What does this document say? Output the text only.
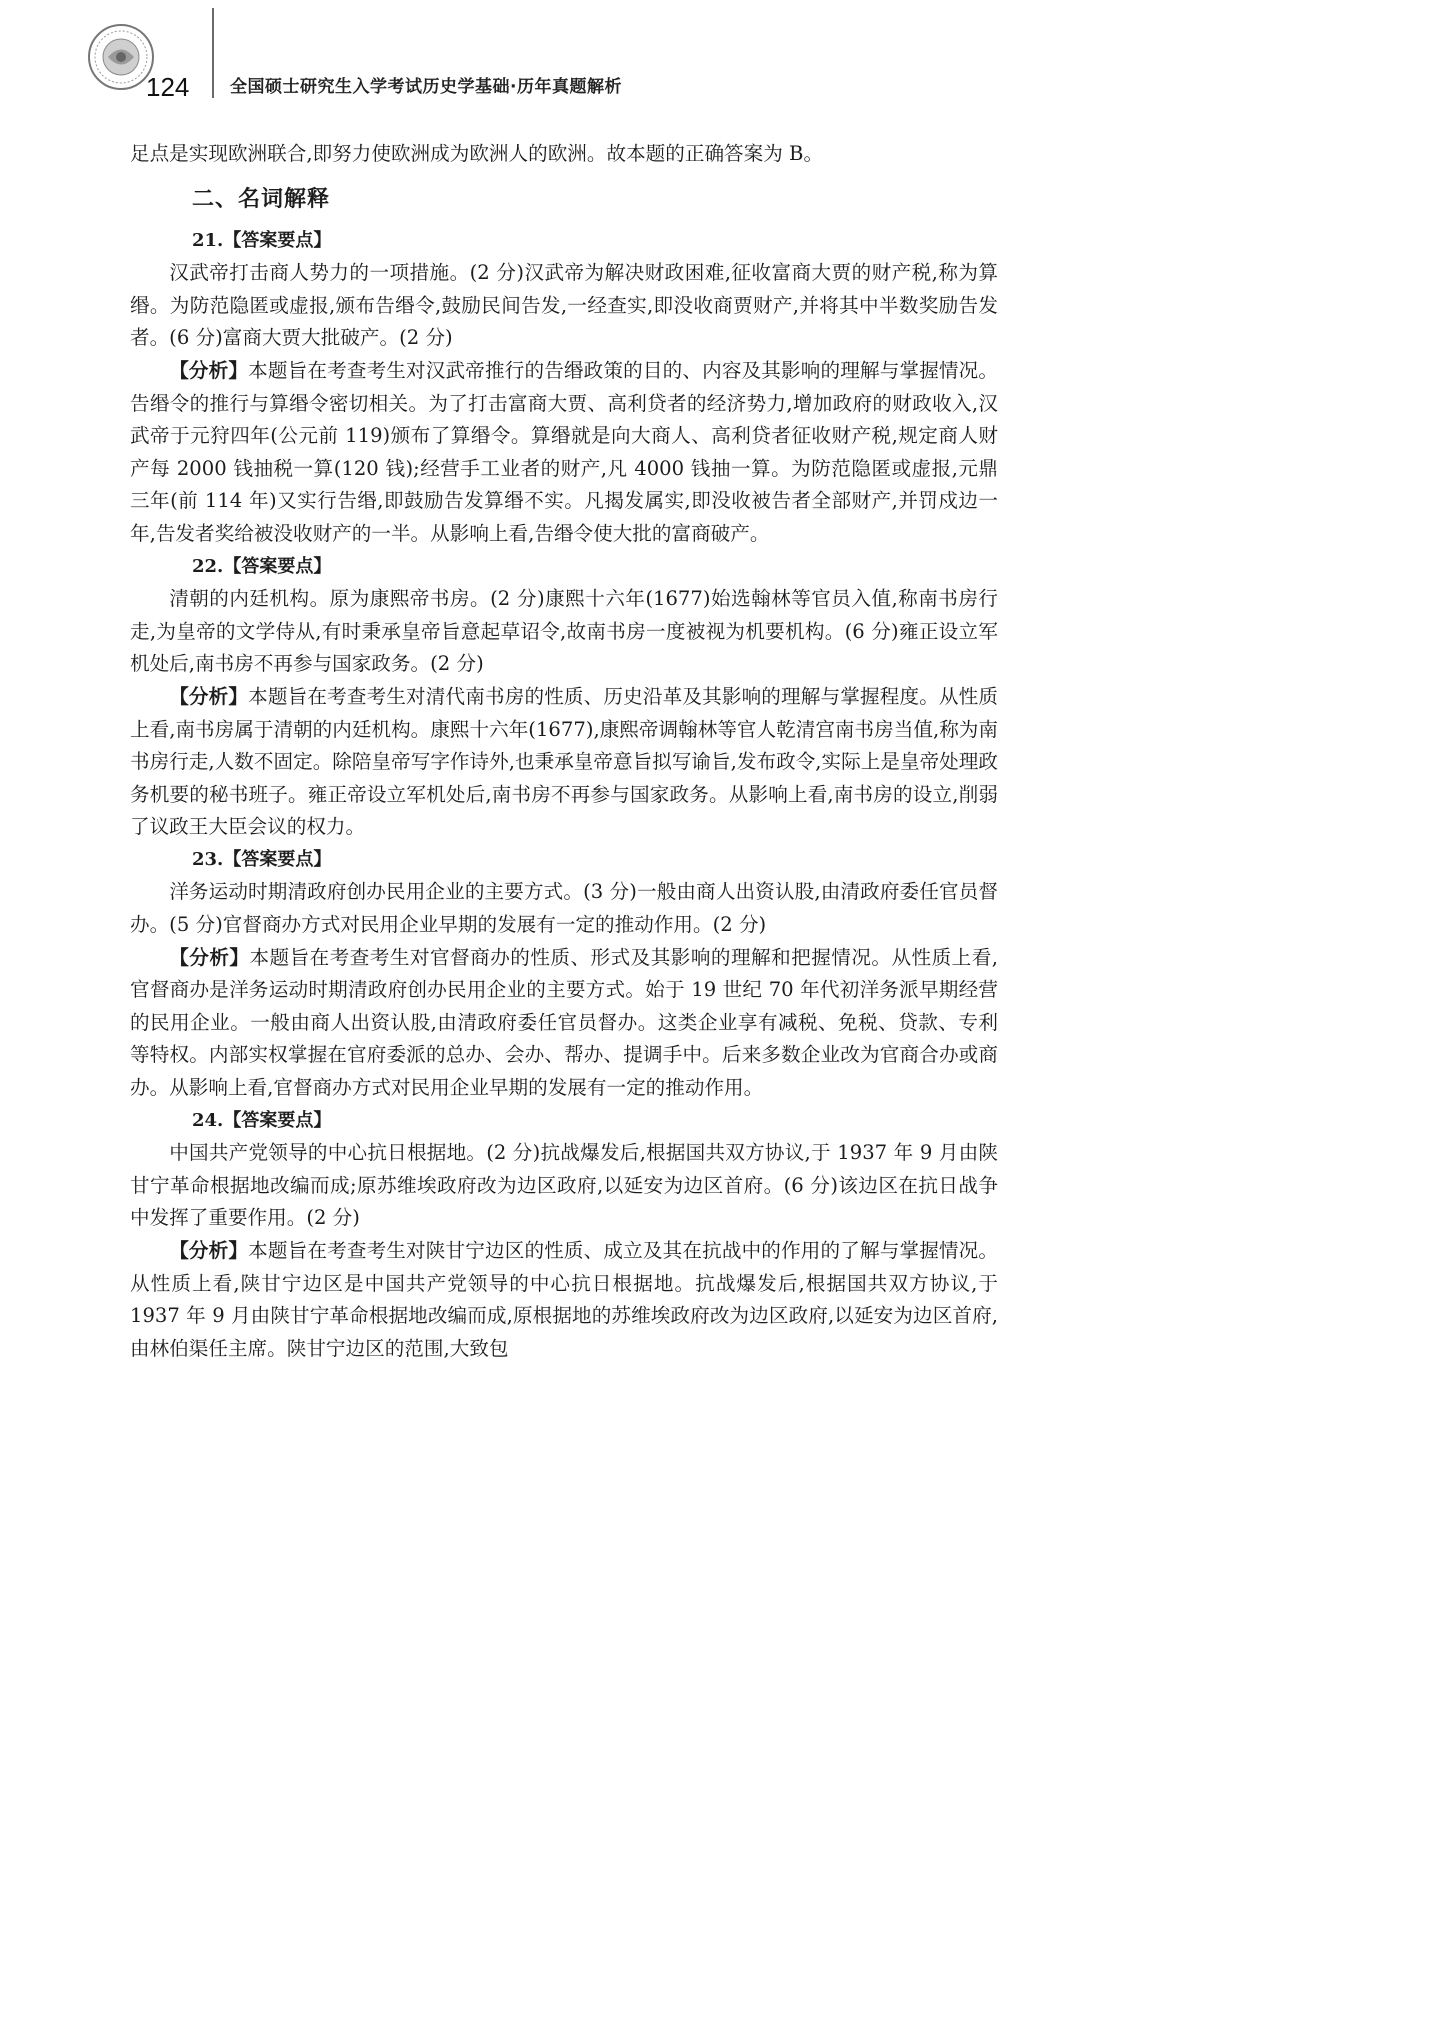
124 全国硕士研究生入学考试历史学基础·历年真题解析

足点是实现欧洲联合,即努力使欧洲成为欧洲人的欧洲。故本题的正确答案为 B。

二、名词解释

21.【答案要点】

汉武帝打击商人势力的一项措施。(2 分)汉武帝为解决财政困难,征收富商大贾的财产税,称为算缗。为防范隐匿或虚报,颁布告缗令,鼓励民间告发,一经查实,即没收商贾财产,并将其中半数奖励告发者。(6 分)富商大贾大批破产。(2 分)

【分析】本题旨在考查考生对汉武帝推行的告缗政策的目的、内容及其影响的理解与掌握情况。告缗令的推行与算缗令密切相关。为了打击富商大贾、高利贷者的经济势力,增加政府的财政收入,汉武帝于元狩四年(公元前 119)颁布了算缗令。算缗就是向大商人、高利贷者征收财产税,规定商人财产每 2000 钱抽税一算(120 钱);经营手工业者的财产,凡 4000 钱抽一算。为防范隐匿或虚报,元鼎三年(前 114 年)又实行告缗,即鼓励告发算缗不实。凡揭发属实,即没收被告者全部财产,并罚戍边一年,告发者奖给被没收财产的一半。从影响上看,告缗令使大批的富商破产。

22.【答案要点】

清朝的内廷机构。原为康熙帝书房。(2 分)康熙十六年(1677)始选翰林等官员入值,称南书房行走,为皇帝的文学侍从,有时秉承皇帝旨意起草诏令,故南书房一度被视为机要机构。(6 分)雍正设立军机处后,南书房不再参与国家政务。(2 分)

【分析】本题旨在考查考生对清代南书房的性质、历史沿革及其影响的理解与掌握程度。从性质上看,南书房属于清朝的内廷机构。康熙十六年(1677),康熙帝调翰林等官人乾清宫南书房当值,称为南书房行走,人数不固定。除陪皇帝写字作诗外,也秉承皇帝意旨拟写谕旨,发布政令,实际上是皇帝处理政务机要的秘书班子。雍正帝设立军机处后,南书房不再参与国家政务。从影响上看,南书房的设立,削弱了议政王大臣会议的权力。

23.【答案要点】

洋务运动时期清政府创办民用企业的主要方式。(3 分)一般由商人出资认股,由清政府委任官员督办。(5 分)官督商办方式对民用企业早期的发展有一定的推动作用。(2 分)

【分析】本题旨在考查考生对官督商办的性质、形式及其影响的理解和把握情况。从性质上看,官督商办是洋务运动时期清政府创办民用企业的主要方式。始于 19 世纪 70 年代初洋务派早期经营的民用企业。一般由商人出资认股,由清政府委任官员督办。这类企业享有减税、免税、贷款、专利等特权。内部实权掌握在官府委派的总办、会办、帮办、提调手中。后来多数企业改为官商合办或商办。从影响上看,官督商办方式对民用企业早期的发展有一定的推动作用。

24.【答案要点】

中国共产党领导的中心抗日根据地。(2 分)抗战爆发后,根据国共双方协议,于 1937 年 9 月由陕甘宁革命根据地改编而成;原苏维埃政府改为边区政府,以延安为边区首府。(6 分)该边区在抗日战争中发挥了重要作用。(2 分)

【分析】本题旨在考查考生对陕甘宁边区的性质、成立及其在抗战中的作用的了解与掌握情况。从性质上看,陕甘宁边区是中国共产党领导的中心抗日根据地。抗战爆发后,根据国共双方协议,于 1937 年 9 月由陕甘宁革命根据地改编而成,原根据地的苏维埃政府改为边区政府,以延安为边区首府,由林伯渠任主席。陕甘宁边区的范围,大致包
